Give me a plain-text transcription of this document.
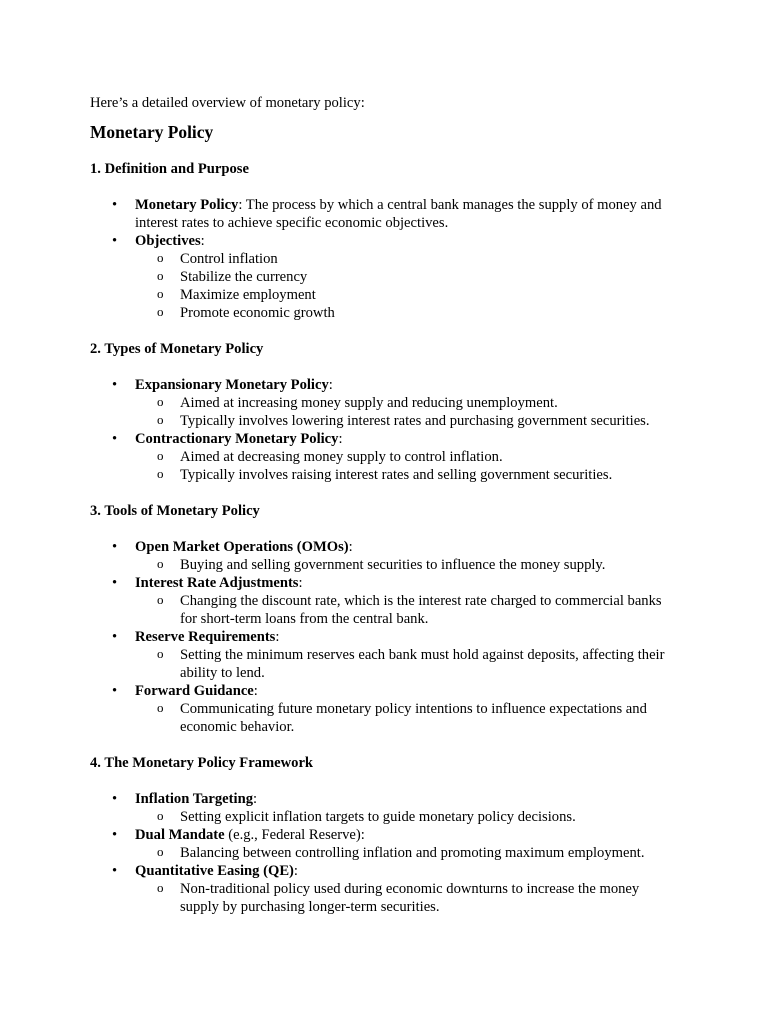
Here’s a detailed overview of monetary policy:

Monetary Policy
1. Definition and Purpose
• Monetary Policy: The process by which a central bank manages the supply of money and interest rates to achieve specific economic objectives.
• Objectives:
o Control inflation
o Stabilize the currency
o Maximize employment
o Promote economic growth
2. Types of Monetary Policy
• Expansionary Monetary Policy:
o Aimed at increasing money supply and reducing unemployment.
o Typically involves lowering interest rates and purchasing government securities.
• Contractionary Monetary Policy:
o Aimed at decreasing money supply to control inflation.
o Typically involves raising interest rates and selling government securities.
3. Tools of Monetary Policy
• Open Market Operations (OMOs):
o Buying and selling government securities to influence the money supply.
• Interest Rate Adjustments:
o Changing the discount rate, which is the interest rate charged to commercial banks for short-term loans from the central bank.
• Reserve Requirements:
o Setting the minimum reserves each bank must hold against deposits, affecting their ability to lend.
• Forward Guidance:
o Communicating future monetary policy intentions to influence expectations and economic behavior.
4. The Monetary Policy Framework
• Inflation Targeting:
o Setting explicit inflation targets to guide monetary policy decisions.
• Dual Mandate (e.g., Federal Reserve):
o Balancing between controlling inflation and promoting maximum employment.
• Quantitative Easing (QE):
o Non-traditional policy used during economic downturns to increase the money supply by purchasing longer-term securities.
